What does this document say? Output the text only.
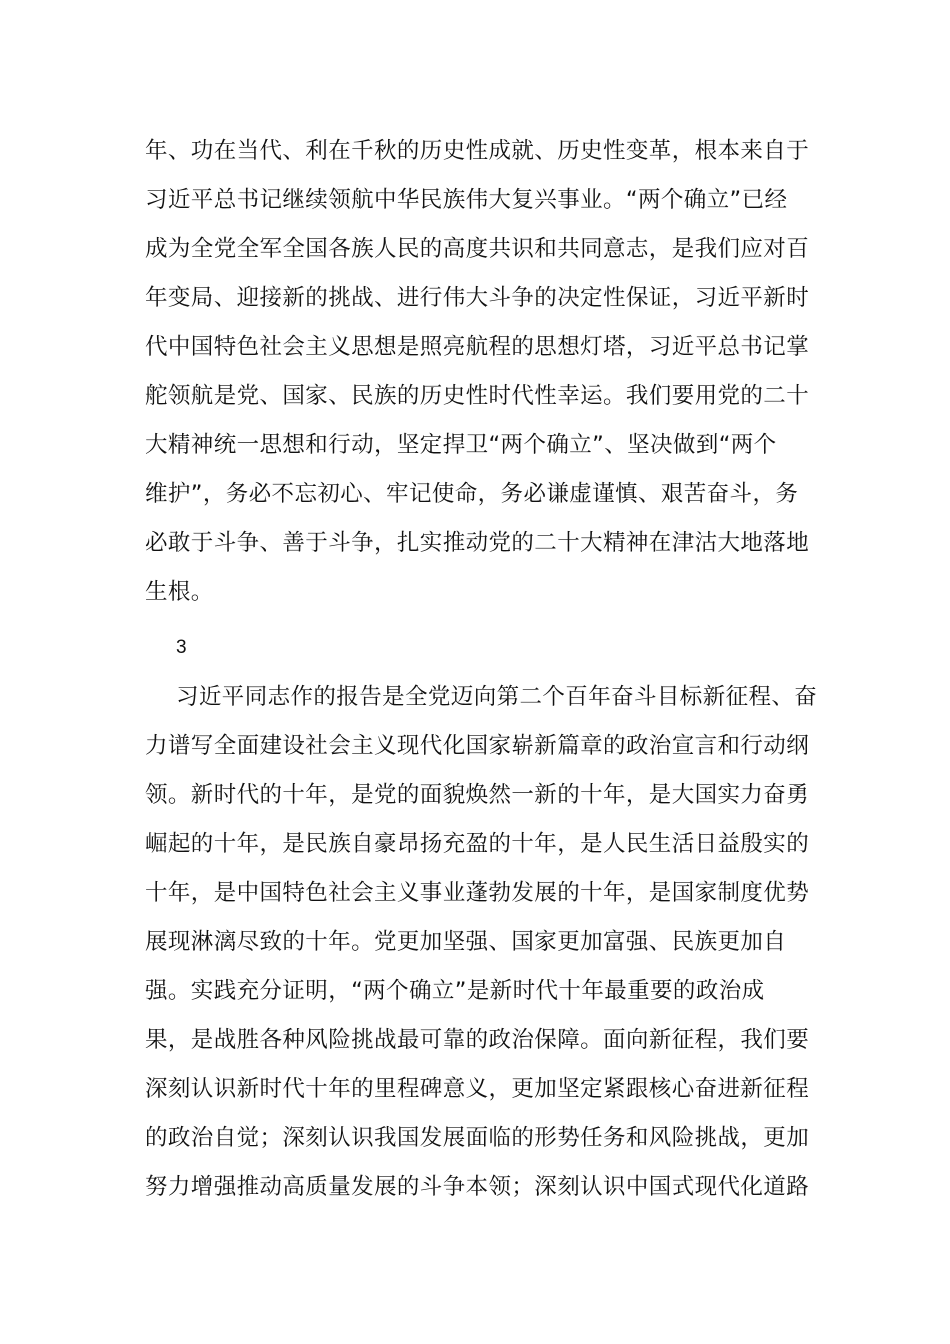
年、功在当代、利在千秋的历史性成就、历史性变革，根本来自于
习近平总书记继续领航中华民族伟大复兴事业。“两个确立”已经
成为全党全军全国各族人民的高度共识和共同意志，是我们应对百
年变局、迎接新的挑战、进行伟大斗争的决定性保证，习近平新时
代中国特色社会主义思想是照亮航程的思想灯塔，习近平总书记掌
舵领航是党、国家、民族的历史性时代性幸运。我们要用党的二十
大精神统一思想和行动，坚定捍卫“两个确立”、坚决做到“两个
维护”，务必不忘初心、牢记使命，务必谦虚谨慎、艰苦奋斗，务
必敢于斗争、善于斗争，扎实推动党的二十大精神在津沽大地落地
生根。
3
习近平同志作的报告是全党迈向第二个百年奋斗目标新征程、奋
力谱写全面建设社会主义现代化国家崭新篇章的政治宣言和行动纲
领。新时代的十年，是党的面貌焕然一新的十年，是大国实力奋勇
崛起的十年，是民族自豪昂扬充盈的十年，是人民生活日益殷实的
十年，是中国特色社会主义事业蓬勃发展的十年，是国家制度优势
展现淋漓尽致的十年。党更加坚强、国家更加富强、民族更加自
强。实践充分证明，“两个确立”是新时代十年最重要的政治成
果，是战胜各种风险挑战最可靠的政治保障。面向新征程，我们要
深刻认识新时代十年的里程碑意义，更加坚定紧跟核心奋进新征程
的政治自觉；深刻认识我国发展面临的形势任务和风险挑战，更加
努力增强推动高质量发展的斗争本领；深刻认识中国式现代化道路
